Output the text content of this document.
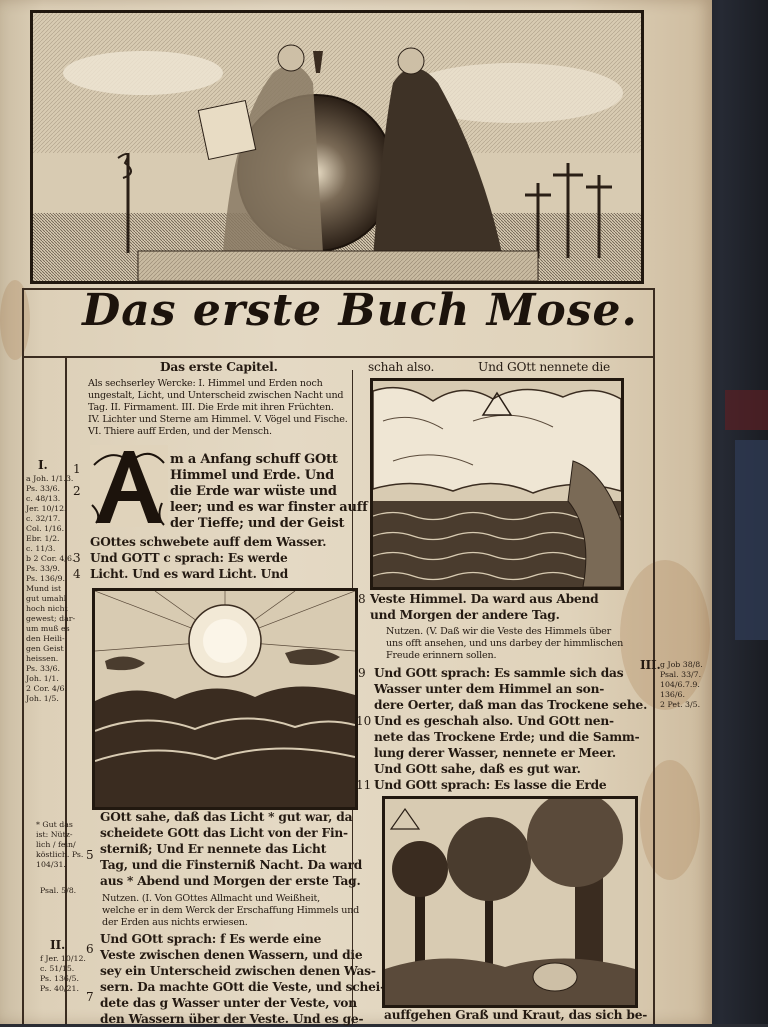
Das erste Buch Mose.
Das erste Capitel.	schah also.	Und GOtt nennete die
Als sechserley Wercke: I. Himmel und Erden noch
ungestalt, Licht, und Unterscheid zwischen Nacht und
Tag. II. Firmament. III. Die Erde mit ihren Früchten.
IV. Lichter und Sterne am Himmel. V. Vögel und Fische.
VI. Thiere auff Erden, und der Mensch.
m a Anfang schuff GOtt
Himmel und Erde. Und
die Erde war wüste und
leer; und es war finster auff
der Tieffe; und der Geist
GOttes schwebete auff dem Wasser.
Und GOTT c sprach: Es werde
Licht. Und es ward Licht. Und
GOtt sahe, daß das Licht * gut war, da
scheidete GOtt das Licht von der Fin-
sterniß; Und Er nennete das Licht
Tag, und die Finsterniß Nacht. Da ward
aus * Abend und Morgen der erste Tag.
Nutzen. (I. Von GOttes Allmacht und Weißheit,
welche er in dem Werck der Erschaffung Himmels und
der Erden aus nichts erwiesen.
Und GOtt sprach: f Es werde eine
Veste zwischen denen Wassern, und die
sey ein Unterscheid zwischen denen Was-
sern. Da machte GOtt die Veste, und schei-
dete das g Wasser unter der Veste, von
den Wassern über der Veste. Und es ge-
Veste Himmel. Da ward aus Abend
und Morgen der andere Tag.
Nutzen. (V. Daß wir die Veste des Himmels über
uns offt ansehen, und uns darbey der himmlischen
Freude erinnern sollen.
Und GOtt sprach: Es sammle sich das
Wasser unter dem Himmel an son-
dere Oerter, daß man das Trockene sehe.
Und es geschah also. Und GOtt nen-
nete das Trockene Erde; und die Samm-
lung derer Wasser, nennete er Meer.
Und GOtt sahe, daß es gut war.
Und GOtt sprach: Es lasse die Erde
auffgehen Graß und Kraut, das sich be-
1
2
3
4
5
6
7
8
9
10
11
I.
II.
III.
a Joh. 1/1.3.
Ps. 33/6.
c. 48/13.
Jer. 10/12.
c. 32/17.
Col. 1/16.
Ebr. 1/2.
c. 11/3.
b 2 Cor. 4/6.
Ps. 33/9.
Ps. 136/9.
Mund ist
gut umahl
hoch nicht
gewest; dar-
um muß es
den Heili-
gen Geist
heissen.
Ps. 33/6.
Joh. 1/1.
2 Cor. 4/6.
Joh. 1/5.
* Gut das
ist: Nütz-
lich / fein/
köstlich. Ps.
104/31.
Psal. 5/8.
f Jer. 10/12.
c. 51/15.
Ps. 136/5.
Ps. 40/21.
g Job 38/8.
Psal. 33/7.
104/6.7.9.
136/6.
2 Pet. 3/5.
